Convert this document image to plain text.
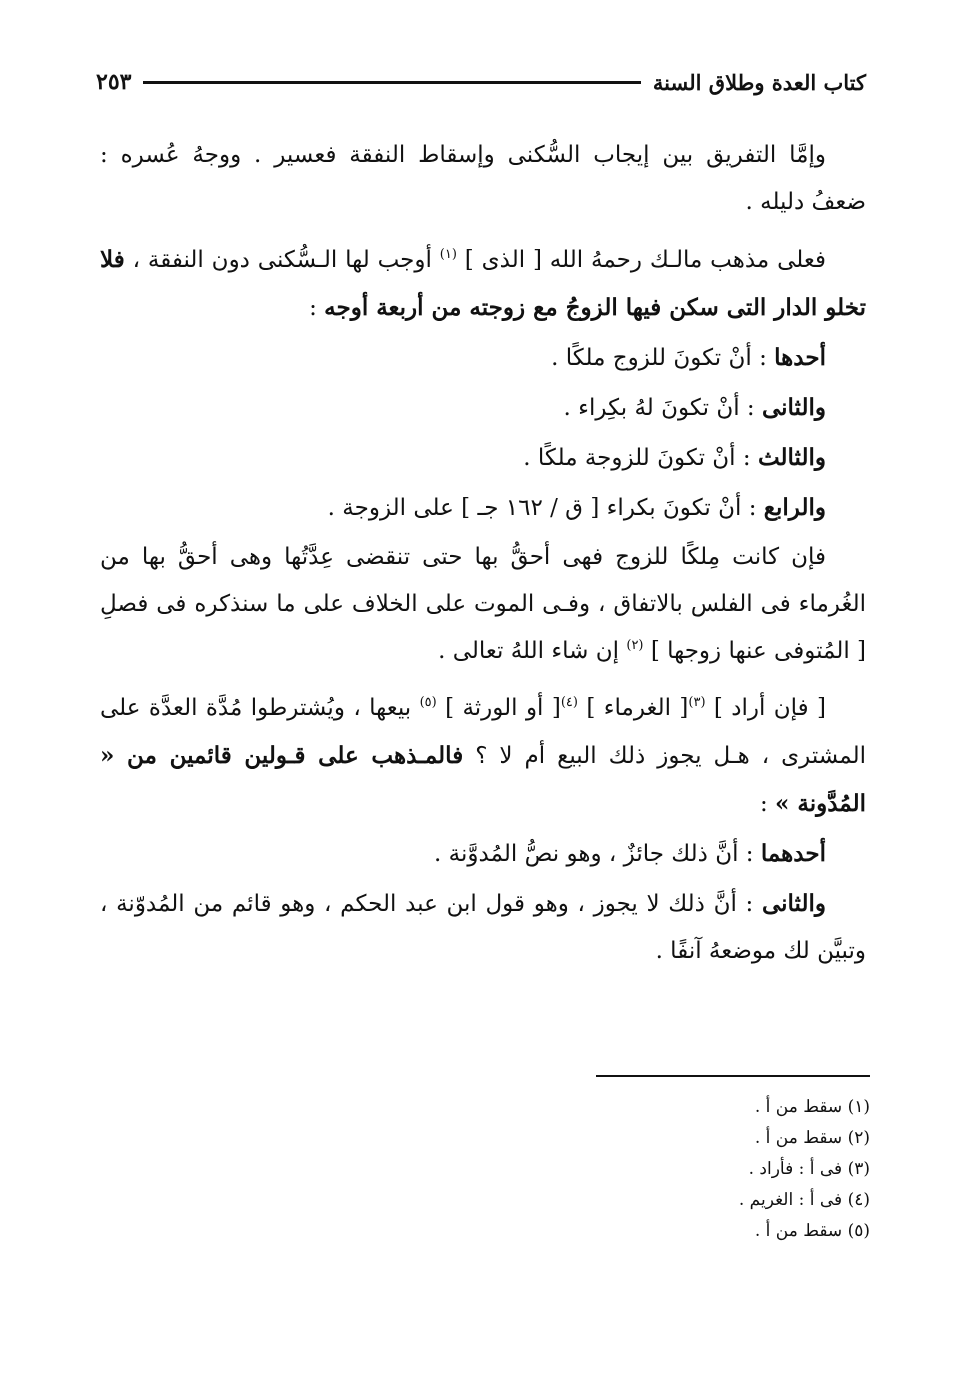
كتاب العدة وطلاق السنة
٢٥٣

وإمَّا التفريق بين إيجاب السُّكنى وإسقاط النفقة فعسير . ووجهُ عُسره : ضعفُ دليله .

فعلى مذهب مالـك رحمهُ الله [ الذى ] $^{(١)}$ أوجب لها الـسُّكنى دون النفقة ، فلا تخلو الدار التى سكن فيها الزوجُ مع زوجته من أربعة أوجه :

أحدها : أنْ تكونَ للزوج ملكًا .

والثانى : أنْ تكونَ لهُ بكِراء .

والثالث : أنْ تكونَ للزوجة ملكًا .

والرابع : أنْ تكونَ بكراء [ ق / ١٦٢ جـ ] على الزوجة .

فإن كانت مِلكًا للزوج فهى أحقُّ بها حتى تنقضى عِدَّتُها وهى أحقُّ بها من الغُرماء فى الفلس بالاتفاق ، وفـى الموت على الخلاف على ما سنذكره فى فصلِ [ المُتوفى عنها زوجها ] $^{(٢)}$ إن شاء اللهُ تعالى .

[ فإن أراد ] $^{(٣)}$[ الغرماء ] $^{(٤)}$[ أو الورثة ] $^{(٥)}$ بيعها ، ويُشترطوا مُدَّة العدَّة على المشترى ، هـل يجوز ذلك البيع أم لا ؟ فالمـذهب على قـولين قائمين من « المُدَّونة » :

أحدهما : أنَّ ذلك جائزٌ ، وهو نصُّ المُدوَّنة .

والثانى : أنَّ ذلك لا يجوز ، وهو قول ابن عبد الحكم ، وهو قائم من المُدوّنة ، وتبيَّن لك موضعهُ آنفًا .

(١) سقط من أ .
(٢) سقط من أ .
(٣) فى أ : فأراد .
(٤) فى أ : الغريم .
(٥) سقط من أ .
